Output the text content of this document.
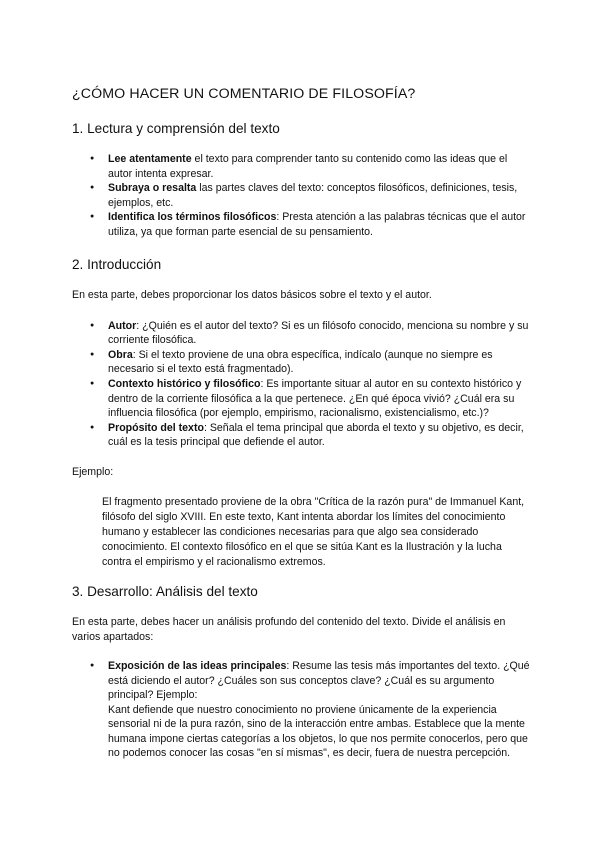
¿CÓMO HACER UN COMENTARIO DE FILOSOFÍA?
1. Lectura y comprensión del texto
● Lee atentamente el texto para comprender tanto su contenido como las ideas que el autor intenta expresar.
● Subraya o resalta las partes claves del texto: conceptos filosóficos, definiciones, tesis, ejemplos, etc.
● Identifica los términos filosóficos: Presta atención a las palabras técnicas que el autor utiliza, ya que forman parte esencial de su pensamiento.
2. Introducción

En esta parte, debes proporcionar los datos básicos sobre el texto y el autor.

● Autor: ¿Quién es el autor del texto? Si es un filósofo conocido, menciona su nombre y su corriente filosófica.
● Obra: Si el texto proviene de una obra específica, indícalo (aunque no siempre es necesario si el texto está fragmentado).
● Contexto histórico y filosófico: Es importante situar al autor en su contexto histórico y dentro de la corriente filosófica a la que pertenece. ¿En qué época vivió? ¿Cuál era su influencia filosófica (por ejemplo, empirismo, racionalismo, existencialismo, etc.)?
● Propósito del texto: Señala el tema principal que aborda el texto y su objetivo, es decir, cuál es la tesis principal que defiende el autor.

Ejemplo:

El fragmento presentado proviene de la obra "Crítica de la razón pura" de Immanuel Kant, filósofo del siglo XVIII. En este texto, Kant intenta abordar los límites del conocimiento humano y establecer las condiciones necesarias para que algo sea considerado conocimiento. El contexto filosófico en el que se sitúa Kant es la Ilustración y la lucha contra el empirismo y el racionalismo extremos.

3. Desarrollo: Análisis del texto

En esta parte, debes hacer un análisis profundo del contenido del texto. Divide el análisis en varios apartados:

● Exposición de las ideas principales: Resume las tesis más importantes del texto. ¿Qué está diciendo el autor? ¿Cuáles son sus conceptos clave? ¿Cuál es su argumento principal? Ejemplo:
Kant defiende que nuestro conocimiento no proviene únicamente de la experiencia sensorial ni de la pura razón, sino de la interacción entre ambas. Establece que la mente humana impone ciertas categorías a los objetos, lo que nos permite conocerlos, pero que no podemos conocer las cosas "en sí mismas", es decir, fuera de nuestra percepción.
